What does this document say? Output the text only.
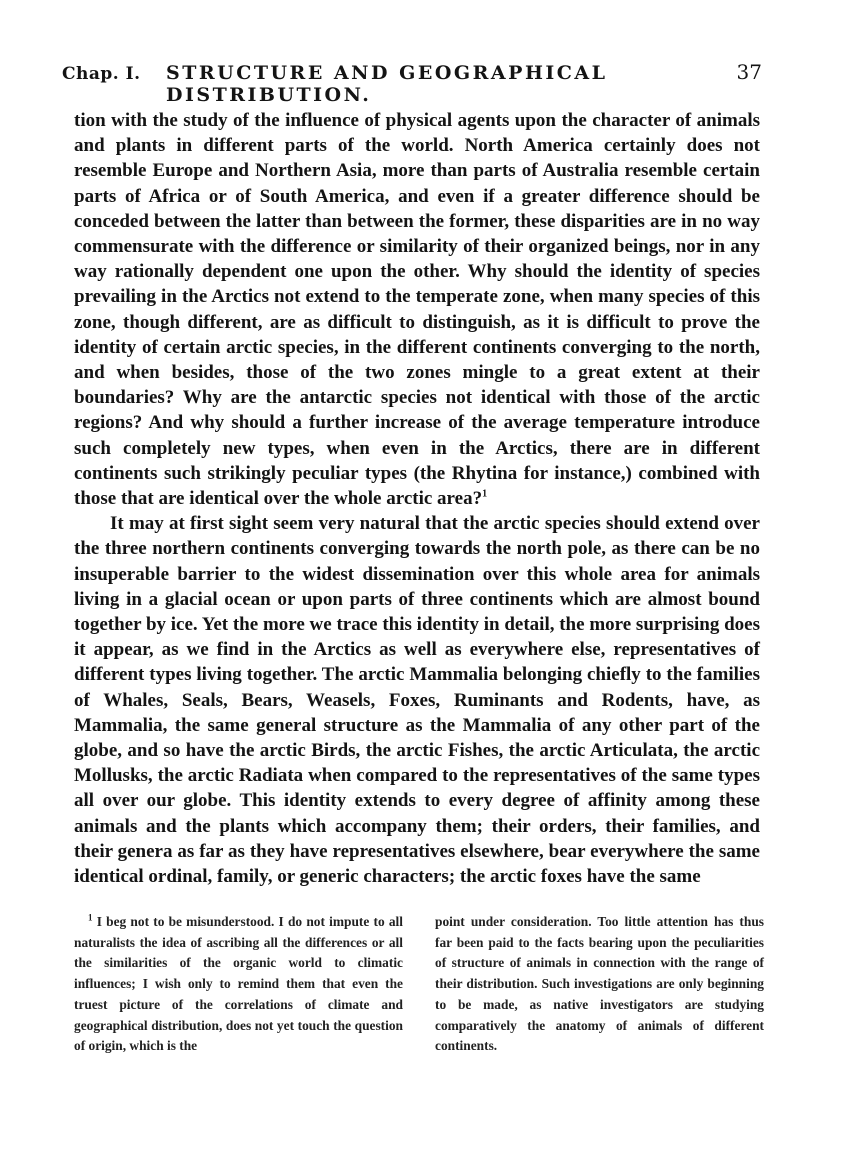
Chap. I. STRUCTURE AND GEOGRAPHICAL DISTRIBUTION.
37

tion with the study of the influence of physical agents upon the character of animals and plants in different parts of the world. North America certainly does not resemble Europe and Northern Asia, more than parts of Australia resemble certain parts of Africa or of South America, and even if a greater difference should be conceded between the latter than between the former, these disparities are in no way commensurate with the difference or similarity of their organized beings, nor in any way rationally dependent one upon the other. Why should the identity of species prevailing in the Arctics not extend to the temperate zone, when many species of this zone, though different, are as difficult to distinguish, as it is difficult to prove the identity of certain arctic species, in the different continents converging to the north, and when besides, those of the two zones mingle to a great extent at their boundaries? Why are the antarctic species not identical with those of the arctic regions? And why should a further increase of the average temperature introduce such completely new types, when even in the Arctics, there are in different continents such strikingly peculiar types (the Rhytina for instance,) combined with those that are identical over the whole arctic area?$^1$

It may at first sight seem very natural that the arctic species should extend over the three northern continents converging towards the north pole, as there can be no insuperable barrier to the widest dissemination over this whole area for animals living in a glacial ocean or upon parts of three continents which are almost bound together by ice. Yet the more we trace this identity in detail, the more surprising does it appear, as we find in the Arctics as well as everywhere else, representatives of different types living together. The arctic Mammalia belonging chiefly to the families of Whales, Seals, Bears, Weasels, Foxes, Ruminants and Rodents, have, as Mammalia, the same general structure as the Mammalia of any other part of the globe, and so have the arctic Birds, the arctic Fishes, the arctic Articulata, the arctic Mollusks, the arctic Radiata when compared to the representatives of the same types all over our globe. This identity extends to every degree of affinity among these animals and the plants which accompany them; their orders, their families, and their genera as far as they have representatives elsewhere, bear everywhere the same identical ordinal, family, or generic characters; the arctic foxes have the same

$^1$ I beg not to be misunderstood. I do not impute to all naturalists the idea of ascribing all the differences or all the similarities of the organic world to climatic influences; I wish only to remind them that even the truest picture of the correlations of climate and geographical distribution, does not yet touch the question of origin, which is the

point under consideration. Too little attention has thus far been paid to the facts bearing upon the peculiarities of structure of animals in connection with the range of their distribution. Such investigations are only beginning to be made, as native investigators are studying comparatively the anatomy of animals of different continents.
